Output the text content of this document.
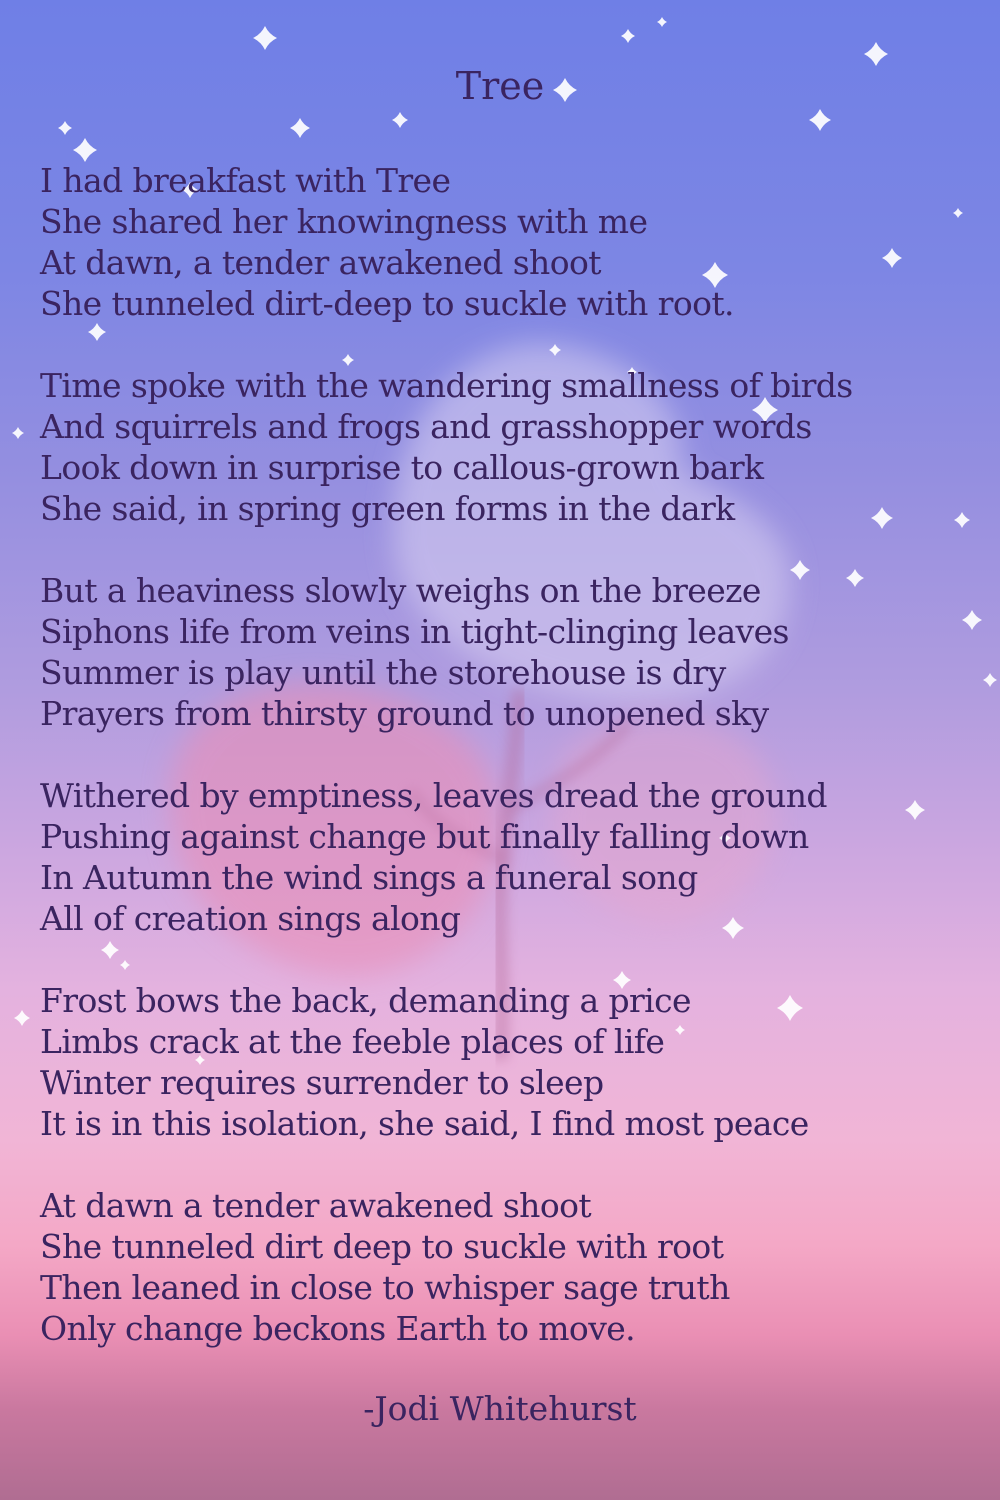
Tree
I had breakfast with Tree
She shared her knowingness with me
At dawn, a tender awakened shoot
She tunneled dirt-deep to suckle with root.
Time spoke with the wandering smallness of birds
And squirrels and frogs and grasshopper words
Look down in surprise to callous-grown bark
She said, in spring green forms in the dark
But a heaviness slowly weighs on the breeze
Siphons life from veins in tight-clinging leaves
Summer is play until the storehouse is dry
Prayers from thirsty ground to unopened sky
Withered by emptiness, leaves dread the ground
Pushing against change but finally falling down
In Autumn the wind sings a funeral song
All of creation sings along
Frost bows the back, demanding a price
Limbs crack at the feeble places of life
Winter requires surrender to sleep
It is in this isolation, she said, I find most peace
At dawn a tender awakened shoot
She tunneled dirt deep to suckle with root
Then leaned in close to whisper sage truth
Only change beckons Earth to move.
-Jodi Whitehurst
